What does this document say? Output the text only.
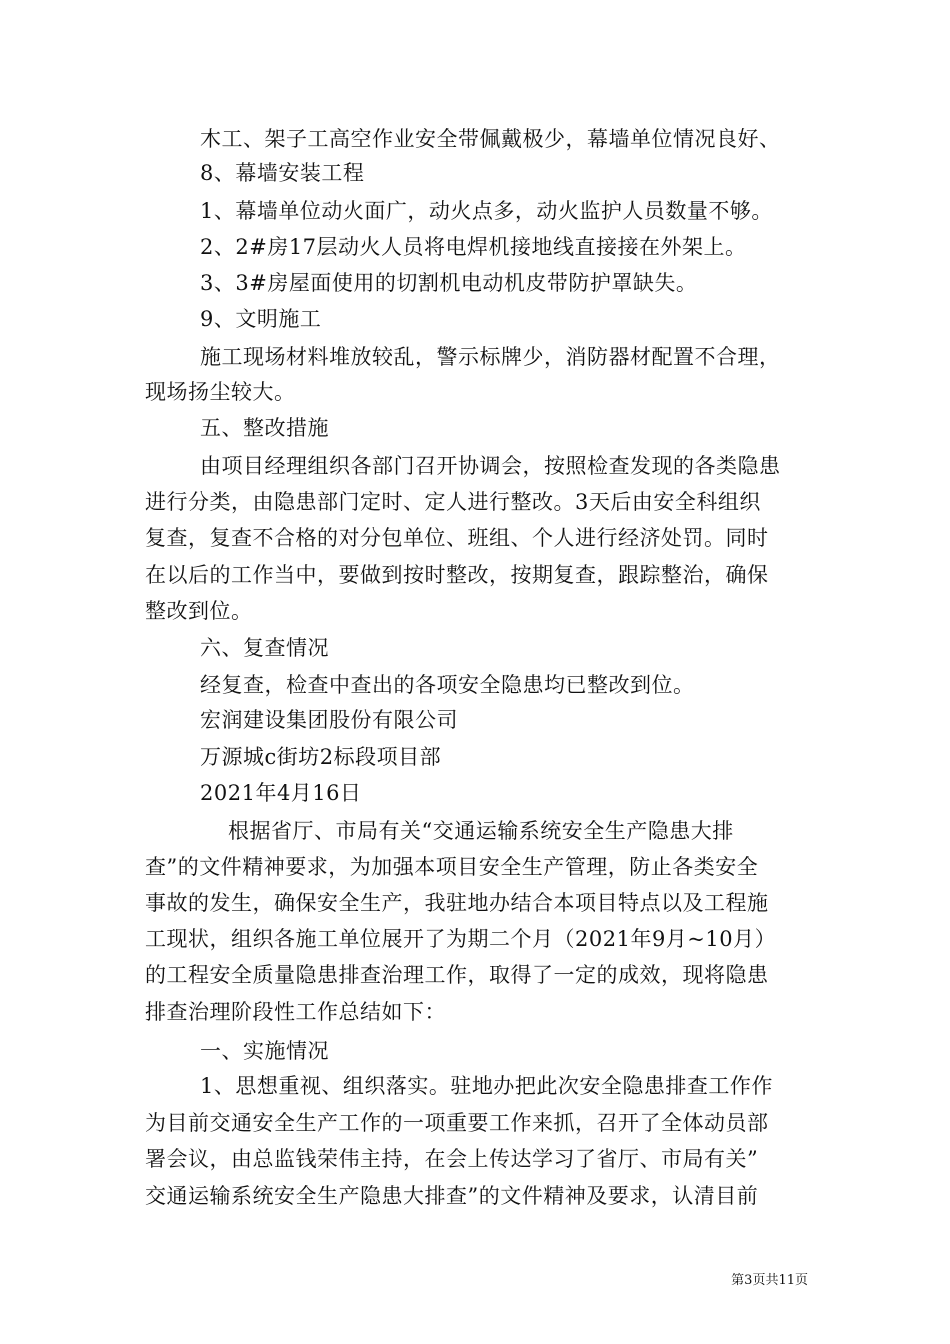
木工、架子工高空作业安全带佩戴极少，幕墙单位情况良好、
8、幕墙安装工程
1、幕墙单位动火面广，动火点多，动火监护人员数量不够。
2、2#房17层动火人员将电焊机接地线直接接在外架上。
3、3#房屋面使用的切割机电动机皮带防护罩缺失。
9、文明施工
施工现场材料堆放较乱，警示标牌少，消防器材配置不合理，
现场扬尘较大。
五、整改措施
由项目经理组织各部门召开协调会，按照检查发现的各类隐患
进行分类，由隐患部门定时、定人进行整改。3天后由安全科组织
复查，复查不合格的对分包单位、班组、个人进行经济处罚。同时
在以后的工作当中，要做到按时整改，按期复查，跟踪整治，确保
整改到位。
六、复查情况
经复查，检查中查出的各项安全隐患均已整改到位。
宏润建设集团股份有限公司
万源城c街坊2标段项目部
2021年4月16日
根据省厅、市局有关“交通运输系统安全生产隐患大排
查”的文件精神要求，为加强本项目安全生产管理，防止各类安全
事故的发生，确保安全生产，我驻地办结合本项目特点以及工程施
工现状，组织各施工单位展开了为期二个月（2021年9月~10月）
的工程安全质量隐患排查治理工作，取得了一定的成效，现将隐患
排查治理阶段性工作总结如下：
一、实施情况
1、思想重视、组织落实。驻地办把此次安全隐患排查工作作
为目前交通安全生产工作的一项重要工作来抓，召开了全体动员部
署会议，由总监钱荣伟主持，在会上传达学习了省厅、市局有关”
交通运输系统安全生产隐患大排查”的文件精神及要求，认清目前
第3页共11页
